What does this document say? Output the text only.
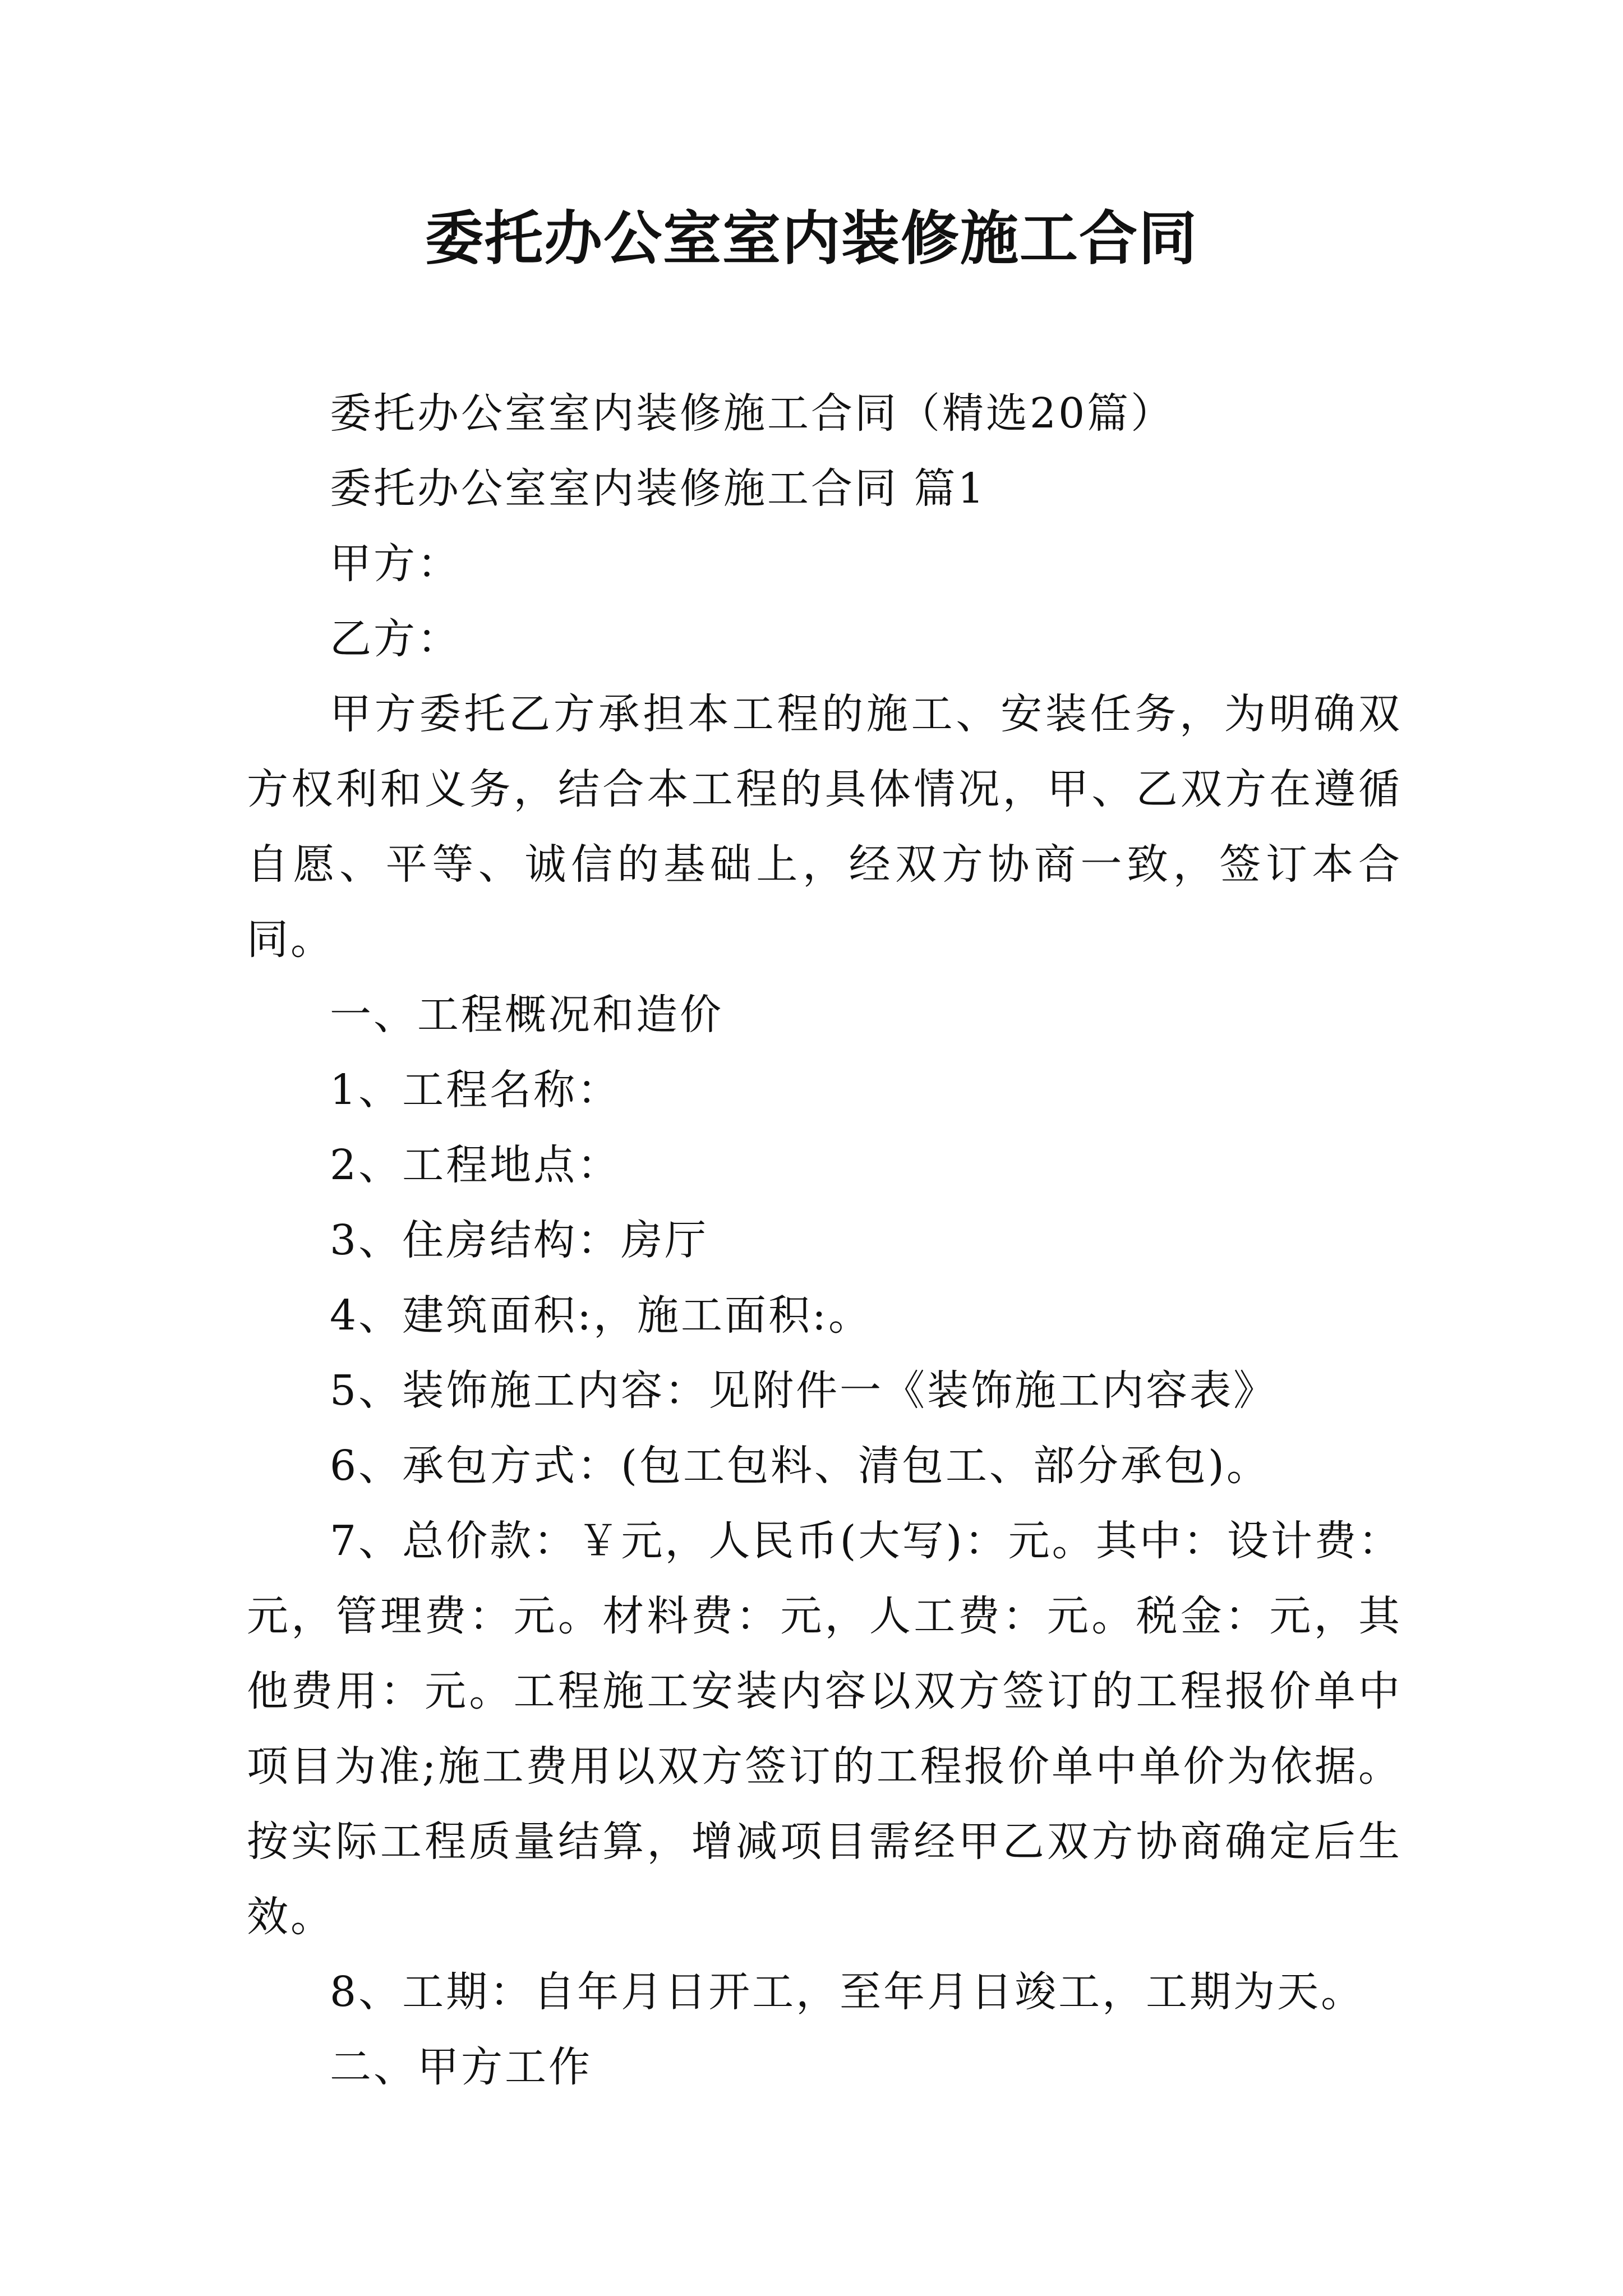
委托办公室室内装修施工合同

委托办公室室内装修施工合同（精选20篇）

委托办公室室内装修施工合同 篇1

甲方：

乙方：

甲方委托乙方承担本工程的施工、安装任务，为明确双方权利和义务，结合本工程的具体情况，甲、乙双方在遵循自愿、平等、诚信的基础上，经双方协商一致，签订本合同。

一、工程概况和造价

1、工程名称：

2、工程地点：

3、住房结构：房厅

4、建筑面积:，施工面积:。

5、装饰施工内容：见附件一《装饰施工内容表》

6、承包方式：(包工包料、清包工、部分承包)。

7、总价款：￥元，人民币(大写)：元。其中：设计费：元，管理费：元。材料费：元，人工费：元。税金：元，其他费用：元。工程施工安装内容以双方签订的工程报价单中项目为准;施工费用以双方签订的工程报价单中单价为依据。按实际工程质量结算，增减项目需经甲乙双方协商确定后生效。

8、工期：自年月日开工，至年月日竣工，工期为天。

二、甲方工作
